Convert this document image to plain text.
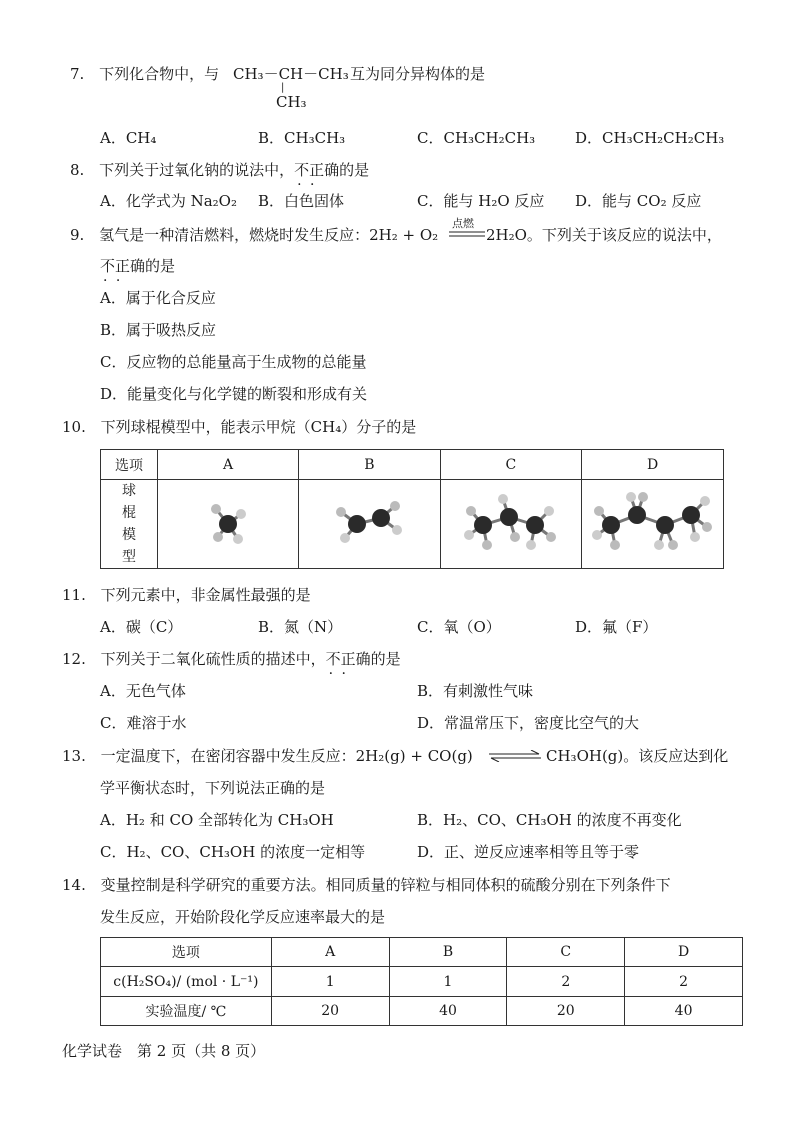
7. 下列化合物中，与 CH₃－CH－CH₃
|
CH₃
互为同分异构体的是
A．CH₄	B．CH₃CH₃	C．CH₃CH₂CH₃	D．CH₃CH₂CH₂CH₃
8. 下列关于过氧化钠的说法中，不正确 · ·的是
A．化学式为 Na₂O₂ B．白色固体	C．能与 H₂O 反应 D．能与 CO₂ 反应
9. 氢气是一种清洁燃料，燃烧时发生反应：2H₂ + O₂
点燃
2H₂O。下列关于该反应的说法中，
不正确 · ·的是
A．属于化合反应
B．属于吸热反应
C．反应物的总能量高于生成物的总能量
D．能量变化与化学键的断裂和形成有关
10. 下列球棍模型中，能表示甲烷（CH₄）分子的是
选项	A	B	C	D
球棍模型				
11. 下列元素中，非金属性最强的是
A．碳（C）	B．氮（N）	C．氧（O）	D．氟（F）
12. 下列关于二氧化硫性质的描述中，不正确 · ·的是
A．无色气体	B．有刺激性气味
C．难溶于水	D．常温常压下，密度比空气的大
13. 一定温度下，在密闭容器中发生反应：2H₂(g) + CO(g) ⇌ CH₃OH(g)。该反应达到化
学平衡状态时，下列说法正确的是
A．H₂ 和 CO 全部转化为 CH₃OH	B．H₂、CO、CH₃OH 的浓度不再变化
C．H₂、CO、CH₃OH 的浓度一定相等	D．正、逆反应速率相等且等于零
14. 变量控制是科学研究的重要方法。相同质量的锌粒与相同体积的硫酸分别在下列条件下
发生反应，开始阶段化学反应速率最大的是
选项	A	B	C	D
c(H₂SO₄)/ (mol · L⁻¹)	1	1	2	2
实验温度/ ℃	20	40	20	40
化学试卷　第 2 页（共 8 页）
